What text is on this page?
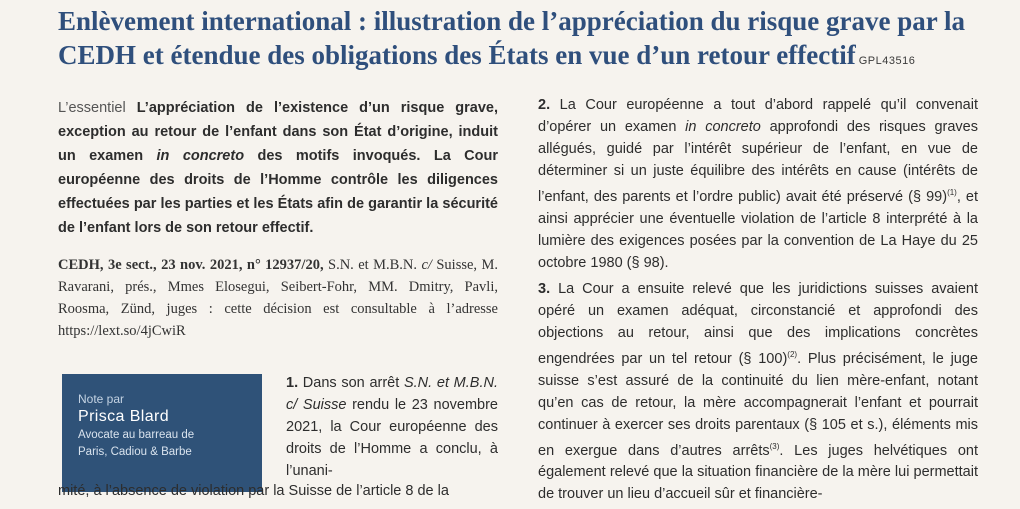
Enlèvement international : illustration de l’appréciation du risque grave par la CEDH et étendue des obligations des États en vue d’un retour effectif GPL43516

L’essentiel L’appréciation de l’existence d’un risque grave, exception au retour de l’enfant dans son État d’origine, induit un examen in concreto des motifs invoqués. La Cour européenne des droits de l’Homme contrôle les diligences effectuées par les parties et les États afin de garantir la sécurité de l’enfant lors de son retour effectif.

CEDH, 3e sect., 23 nov. 2021, n° 12937/20, S.N. et M.B.N. c/ Suisse, M. Ravarani, prés., Mmes Elosegui, Seibert-Fohr, MM. Dmitry, Pavli, Roosma, Zünd, juges : cette décision est consultable à l’adresse https://lext.so/4jCwiR

Note par
Prisca Blard
Avocate au barreau de
Paris, Cadiou & Barbe

1. Dans son arrêt S.N. et M.B.N. c/ Suisse rendu le 23 novembre 2021, la Cour européenne des droits de l’Homme a conclu, à l’unani-

mité, à l’absence de violation par la Suisse de l’article 8 de la

2. La Cour européenne a tout d’abord rappelé qu’il convenait d’opérer un examen in concreto approfondi des risques graves allégués, guidé par l’intérêt supérieur de l’enfant, en vue de déterminer si un juste équilibre des intérêts en cause (intérêts de l’enfant, des parents et l’ordre public) avait été préservé (§ 99)$^{(1)}$, et ainsi apprécier une éventuelle violation de l’article 8 interprété à la lumière des exigences posées par la convention de La Haye du 25 octobre 1980 (§ 98).

3. La Cour a ensuite relevé que les juridictions suisses avaient opéré un examen adéquat, circonstancié et approfondi des objections au retour, ainsi que des implications concrètes engendrées par un tel retour (§ 100)$^{(2)}$. Plus précisément, le juge suisse s’est assuré de la continuité du lien mère-enfant, notant qu’en cas de retour, la mère accompagnerait l’enfant et pourrait continuer à exercer ses droits parentaux (§ 105 et s.), éléments mis en exergue dans d’autres arrêts$^{(3)}$. Les juges helvétiques ont également relevé que la situation financière de la mère lui permettait de trouver un lieu d’accueil sûr et financière-
